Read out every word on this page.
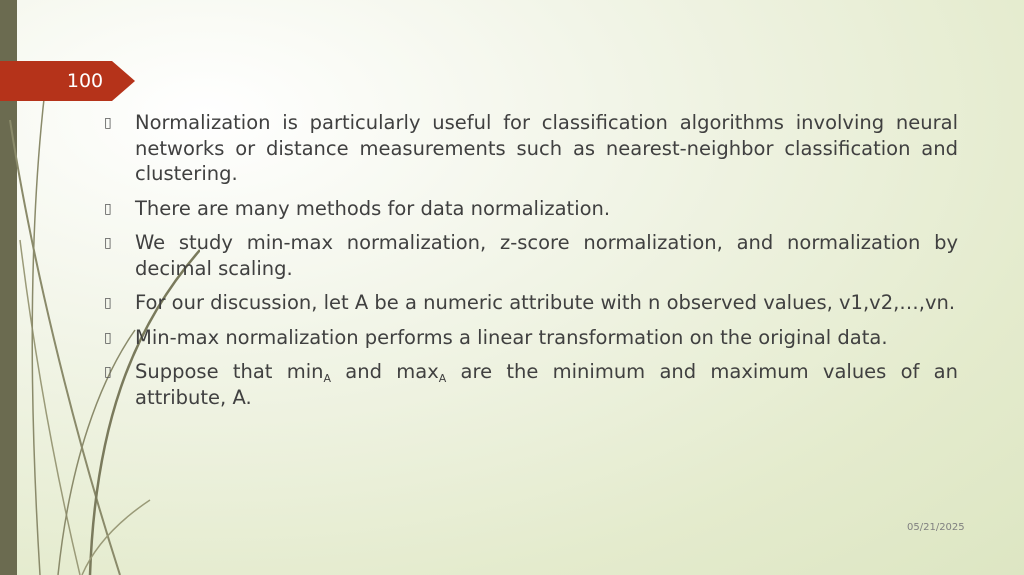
100
▯ Normalization is particularly useful for classification algorithms involving neural networks or distance measurements such as nearest-neighbor classification and clustering.
▯ There are many methods for data normalization.
▯ We study min-max normalization, z-score normalization, and normalization by decimal scaling.
▯ For our discussion, let A be a numeric attribute with n observed values, v1,v2,…,vn.
▯ Min-max normalization performs a linear transformation on the original data.
▯ Suppose that $\min_A$ and $\max_A$ are the minimum and maximum values of an attribute, A.
05/21/2025
